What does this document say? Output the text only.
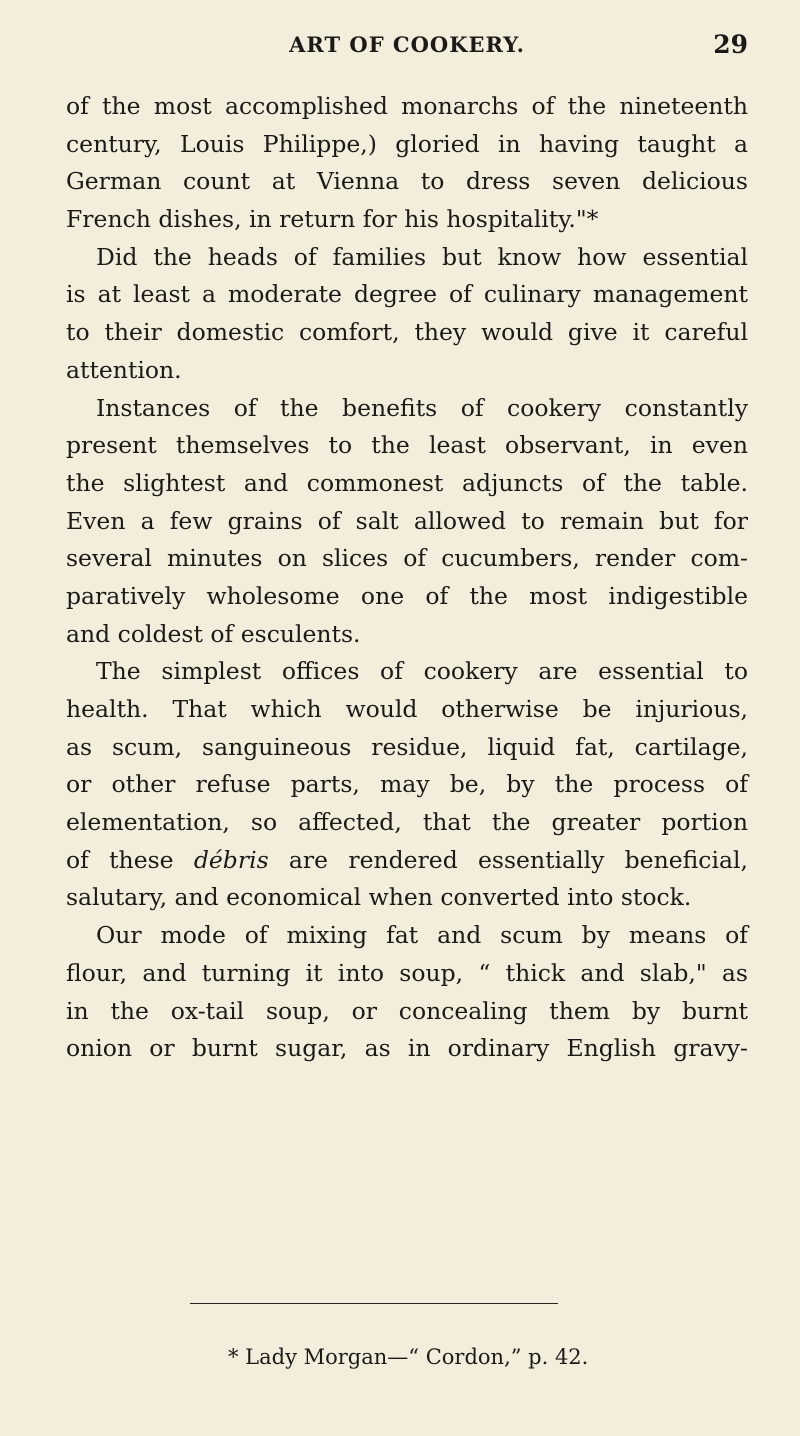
ART OF COOKERY.	29
of the most accomplished monarchs of the nineteenth
century, Louis Philippe,) gloried in having taught a
German count at Vienna to dress seven delicious
French dishes, in return for his hospitality."*
Did the heads of families but know how essential
is at least a moderate degree of culinary management
to their domestic comfort, they would give it careful
attention.
Instances of the benefits of cookery constantly
present themselves to the least observant, in even
the slightest and commonest adjuncts of the table.
Even a few grains of salt allowed to remain but for
several minutes on slices of cucumbers, render com-
paratively wholesome one of the most indigestible
and coldest of esculents.
The simplest offices of cookery are essential to
health. That which would otherwise be injurious,
as scum, sanguineous residue, liquid fat, cartilage,
or other refuse parts, may be, by the process of
elementation, so affected, that the greater portion
of these débris are rendered essentially beneficial,
salutary, and economical when converted into stock.
Our mode of mixing fat and scum by means of
flour, and turning it into soup, “ thick and slab," as
in the ox-tail soup, or concealing them by burnt
onion or burnt sugar, as in ordinary English gravy-
* Lady Morgan—“ Cordon,” p. 42.
